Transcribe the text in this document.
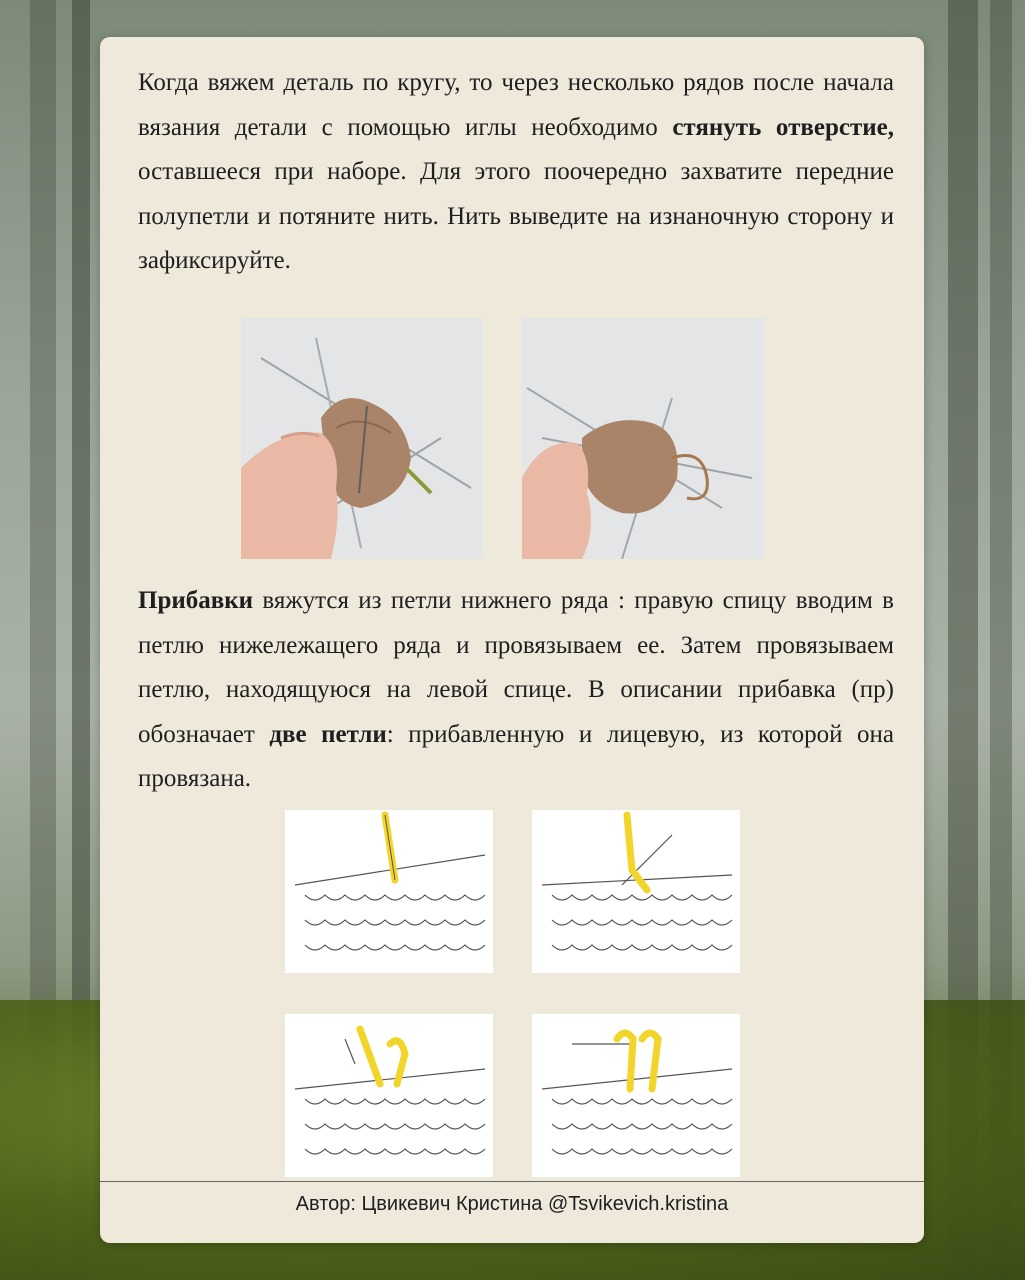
Когда вяжем деталь по кругу, то через несколько рядов после начала вязания детали с помощью иглы необходимо стянуть отверстие, оставшееся при наборе. Для этого поочередно захватите передние полупетли и потяните нить. Нить выведите на изнаночную сторону и зафиксируйте.

Прибавки вяжутся из петли нижнего ряда : правую спицу вводим в петлю нижележащего ряда и провязываем ее. Затем провязываем петлю, находящуюся на левой спице. В описании прибавка (пр) обозначает две петли: прибавленную и лицевую, из которой она провязана.

Автор: Цвикевич Кристина @Tsvikevich.kristina
